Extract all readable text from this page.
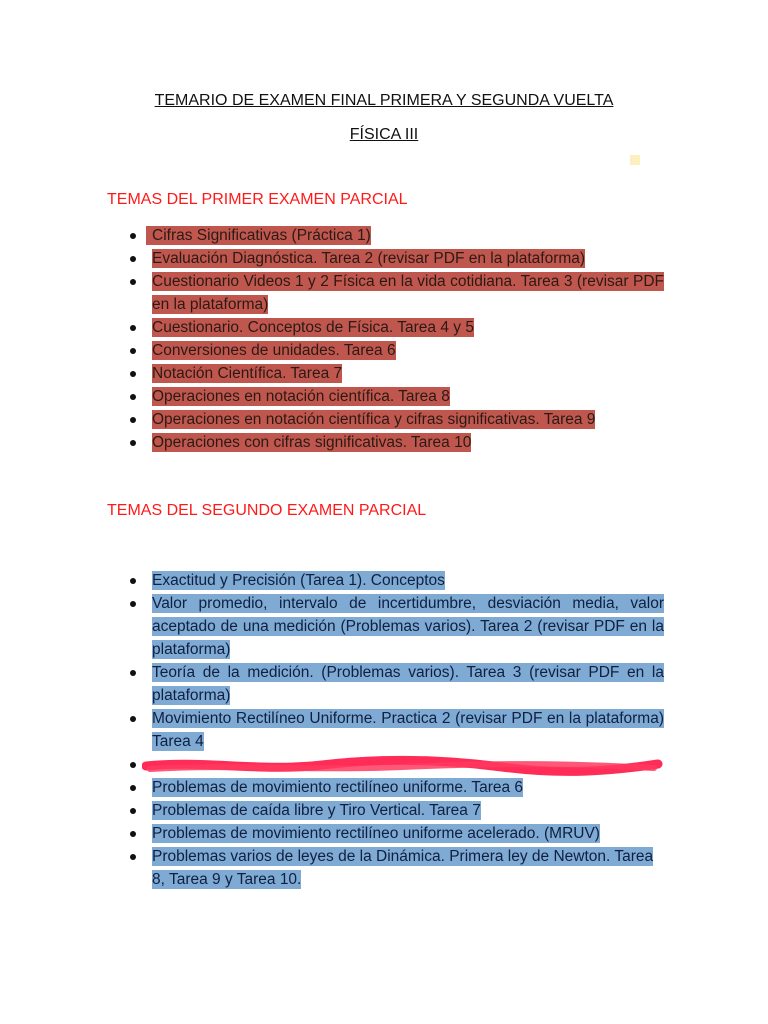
TEMARIO DE EXAMEN FINAL PRIMERA Y SEGUNDA VUELTA
FÍSICA III
TEMAS DEL PRIMER EXAMEN PARCIAL
Cifras Significativas (Práctica 1)
Evaluación Diagnóstica. Tarea 2 (revisar PDF en la plataforma)
Cuestionario Videos 1 y 2 Física en la vida cotidiana. Tarea 3 (revisar PDF en la plataforma)
Cuestionario. Conceptos de Física. Tarea 4 y 5
Conversiones de unidades. Tarea 6
Notación Científica. Tarea 7
Operaciones en notación científica. Tarea 8
Operaciones en notación científica y cifras significativas. Tarea 9
Operaciones con cifras significativas. Tarea 10
TEMAS DEL SEGUNDO EXAMEN PARCIAL
Exactitud y Precisión (Tarea 1). Conceptos
Valor promedio, intervalo de incertidumbre, desviación media, valor aceptado de una medición (Problemas varios). Tarea 2 (revisar PDF en la plataforma)
Teoría de la medición. (Problemas varios). Tarea 3 (revisar PDF en la plataforma)
Movimiento Rectilíneo Uniforme. Practica 2 (revisar PDF en la plataforma) Tarea 4
Problemas de movimiento rectilíneo uniforme. Tarea 6
Problemas de caída libre y Tiro Vertical. Tarea 7
Problemas de movimiento rectilíneo uniforme acelerado. (MRUV)
Problemas varios de leyes de la Dinámica. Primera ley de Newton. Tarea 8, Tarea 9 y Tarea 10.
